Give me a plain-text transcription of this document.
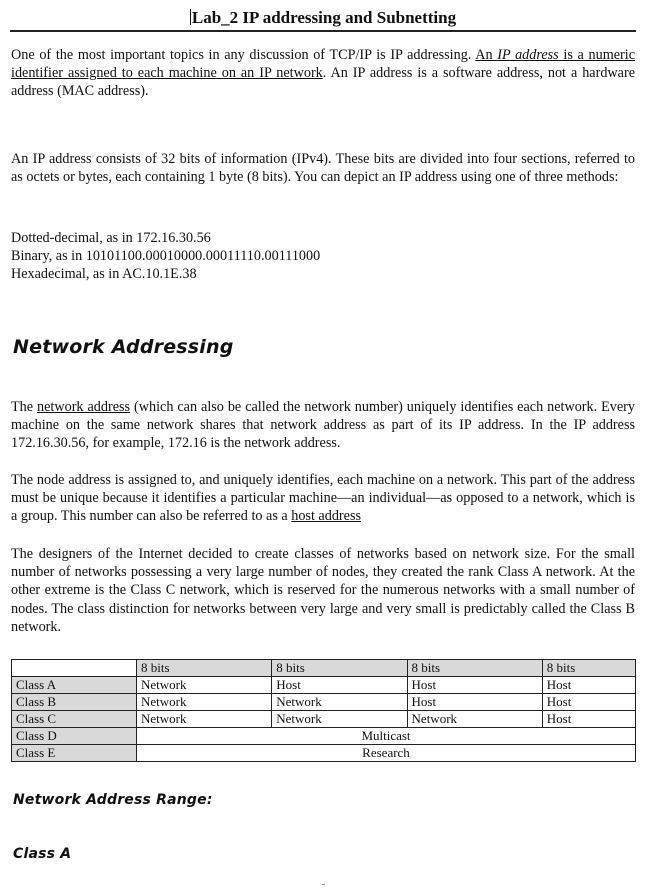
Lab_2 IP addressing and Subnetting
One of the most important topics in any discussion of TCP/IP is IP addressing. An IP address is a numeric identifier assigned to each machine on an IP network. An IP address is a software address, not a hardware address (MAC address).
An IP address consists of 32 bits of information (IPv4). These bits are divided into four sections, referred to as octets or bytes, each containing 1 byte (8 bits). You can depict an IP address using one of three methods:
Dotted-decimal, as in 172.16.30.56
Binary, as in 10101100.00010000.00011110.00111000
Hexadecimal, as in AC.10.1E.38
Network Addressing
The network address (which can also be called the network number) uniquely identifies each network. Every machine on the same network shares that network address as part of its IP address. In the IP address 172.16.30.56, for example, 172.16 is the network address.
The node address is assigned to, and uniquely identifies, each machine on a network. This part of the address must be unique because it identifies a particular machine—an individual—as opposed to a network, which is a group. This number can also be referred to as a host address
The designers of the Internet decided to create classes of networks based on network size. For the small number of networks possessing a very large number of nodes, they created the rank Class A network. At the other extreme is the Class C network, which is reserved for the numerous networks with a small number of nodes. The class distinction for networks between very large and very small is predictably called the Class B network.
	8 bits	8 bits	8 bits	8 bits
Class A	Network	Host	Host	Host
Class B	Network	Network	Host	Host
Class C	Network	Network	Network	Host
Class D	Multicast			
Class E	Research			
Network Address Range:
Class A
